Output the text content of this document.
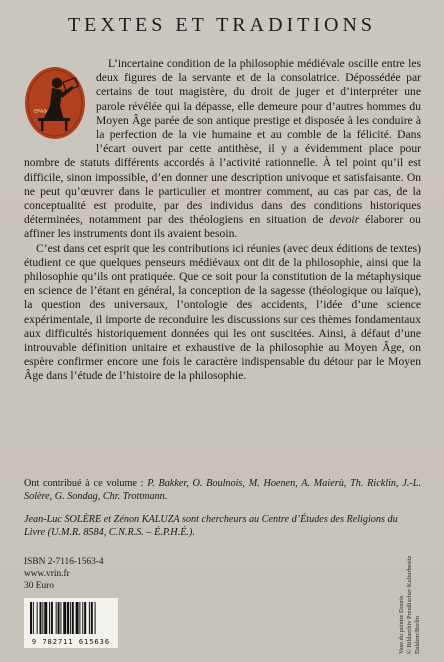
TEXTES ET TRADITIONS
EPAΦ

L’incertaine condition de la philosophie médiévale oscille entre les deux figures de la servante et de la consolatrice. Dépossédée par certains de tout magistère, du droit de juger et d’interpréter une parole révélée qui la dépasse, elle demeure pour d’autres hommes du Moyen Âge parée de son antique prestige et disposée à les conduire à la perfection de la vie humaine et au comble de la félicité. Dans l’écart ouvert par cette antithèse, il y a évidemment place pour nombre de statuts différents accordés à l’activité rationnelle. À tel point qu’il est difficile, sinon impossible, d’en donner une description univoque et satisfaisante. On ne peut qu’œuvrer dans le particulier et montrer comment, au cas par cas, de la conceptualité est produite, par des individus dans des conditions historiques déterminées, notamment par des théologiens en situation de devoir élaborer ou affiner les instruments dont ils avaient besoin.

C’est dans cet esprit que les contributions ici réunies (avec deux éditions de textes) étudient ce que quelques penseurs médiévaux ont dit de la philosophie, ainsi que la philosophie qu’ils ont pratiquée. Que ce soit pour la constitution de la métaphysique en science de l’étant en général, la conception de la sagesse (théologique ou laïque), la question des universaux, l’ontologie des accidents, l’idée d’une science expérimentale, il importe de reconduire les discussions sur ces thèmes fondamentaux aux difficultés historiquement données qui les ont suscitées. Ainsi, à défaut d’une introuvable définition unitaire et exhaustive de la philosophie au Moyen Âge, on espère confirmer encore une fois le caractère indispensable du détour par le Moyen Âge dans l’étude de l’histoire de la philosophie.

Ont contribué à ce volume : P. Bakker, O. Boulnois, M. Hoenen, A. Maierù, Th. Ricklin, J.-L. Solère, G. Sondag, Chr. Trottmann.
Jean-Luc SOLÈRE et Zénon KALUZA sont chercheurs au Centre d’Études des Religions du Livre (U.M.R. 8584, C.N.R.S. – É.P.H.É.).
ISBN 2-7116-1563-4
www.vrin.fr
30 Euro
9 782711 615636	Vase du peintre Douris © Bildarchiv Preußischer Kulturbesitz Dahlem/Berlin
